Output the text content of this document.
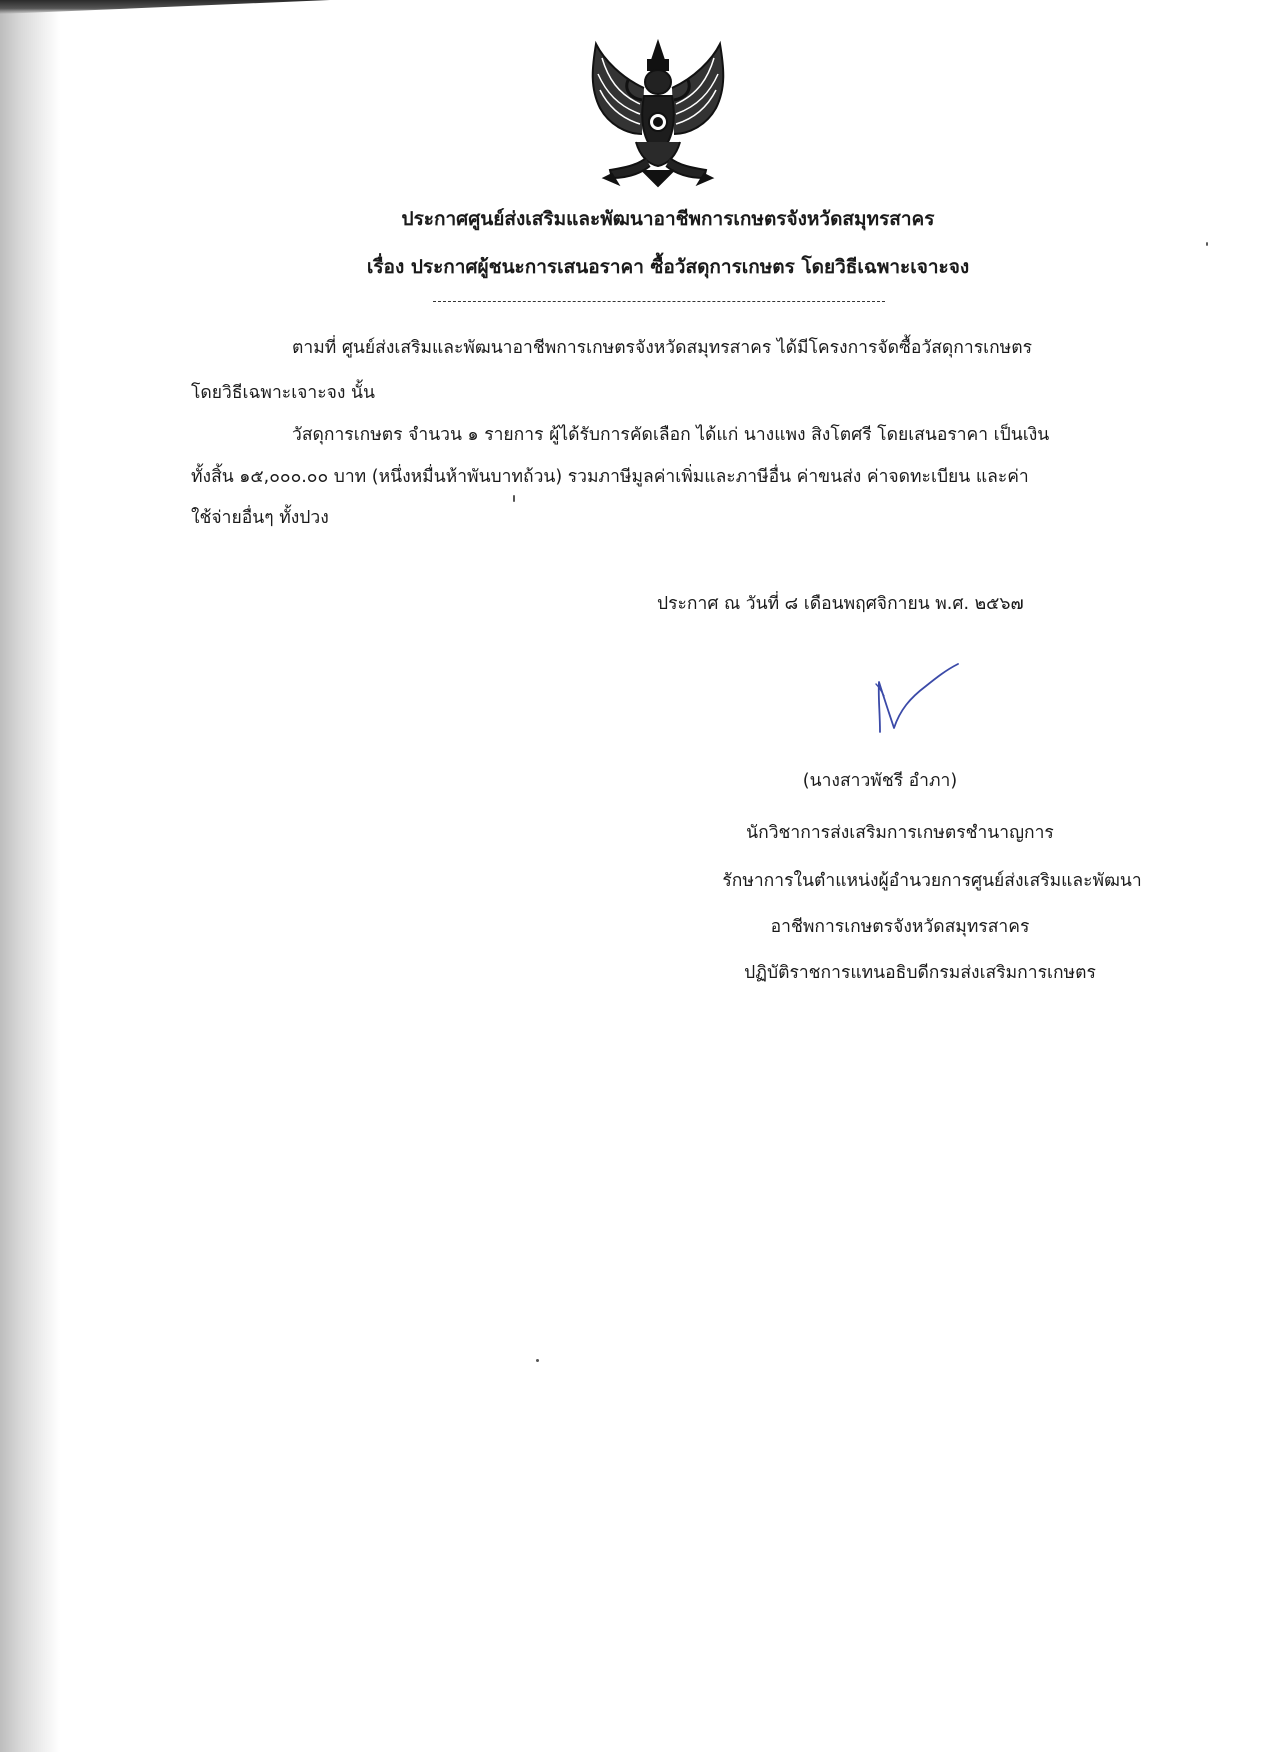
ประกาศศูนย์ส่งเสริมและพัฒนาอาชีพการเกษตรจังหวัดสมุทรสาคร
เรื่อง ประกาศผู้ชนะการเสนอราคา ซื้อวัสดุการเกษตร โดยวิธีเฉพาะเจาะจง
ตามที่ ศูนย์ส่งเสริมและพัฒนาอาชีพการเกษตรจังหวัดสมุทรสาคร ได้มีโครงการจัดซื้อวัสดุการเกษตร
โดยวิธีเฉพาะเจาะจง นั้น
วัสดุการเกษตร จำนวน ๑ รายการ ผู้ได้รับการคัดเลือก ได้แก่ นางแพง สิงโตศรี โดยเสนอราคา เป็นเงิน
ทั้งสิ้น ๑๕,๐๐๐.๐๐ บาท (หนึ่งหมื่นห้าพันบาทถ้วน) รวมภาษีมูลค่าเพิ่มและภาษีอื่น ค่าขนส่ง ค่าจดทะเบียน และค่า
ใช้จ่ายอื่นๆ ทั้งปวง
ประกาศ ณ วันที่ ๘ เดือนพฤศจิกายน พ.ศ. ๒๕๖๗
(นางสาวพัชรี อำภา)
นักวิชาการส่งเสริมการเกษตรชำนาญการ
รักษาการในตำแหน่งผู้อำนวยการศูนย์ส่งเสริมและพัฒนา
อาชีพการเกษตรจังหวัดสมุทรสาคร
ปฏิบัติราชการแทนอธิบดีกรมส่งเสริมการเกษตร
